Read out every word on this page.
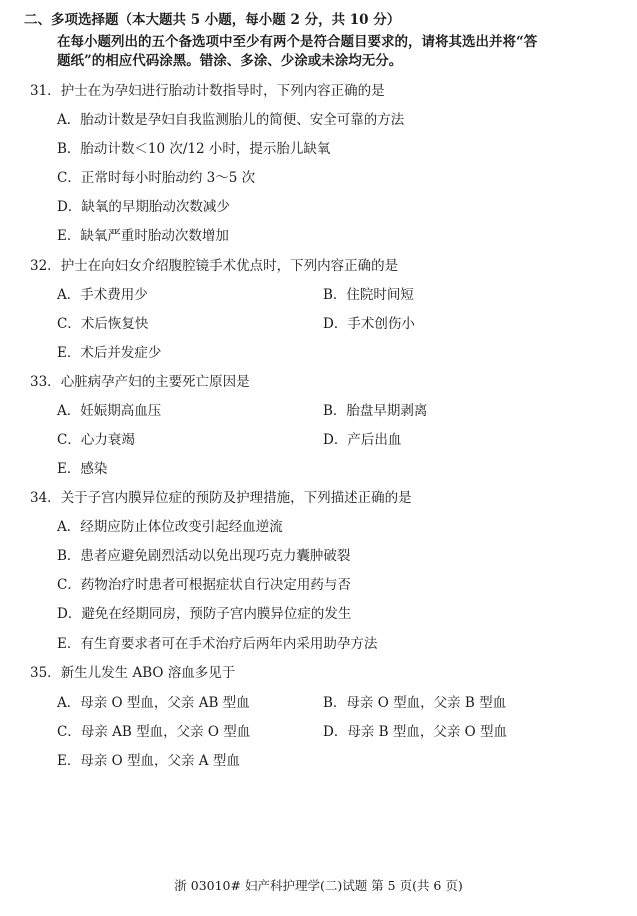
二、多项选择题（本大题共 5 小题，每小题 2 分，共 10 分）
在每小题列出的五个备选项中至少有两个是符合题目要求的，请将其选出并将“答
题纸”的相应代码涂黑。错涂、多涂、少涂或未涂均无分。
31．护士在为孕妇进行胎动计数指导时，下列内容正确的是
A．胎动计数是孕妇自我监测胎儿的简便、安全可靠的方法
B．胎动计数＜10 次/12 小时，提示胎儿缺氧
C．正常时每小时胎动约 3～5 次
D．缺氧的早期胎动次数减少
E．缺氧严重时胎动次数增加
32．护士在向妇女介绍腹腔镜手术优点时，下列内容正确的是
A．手术费用少	B．住院时间短
C．术后恢复快	D．手术创伤小
E．术后并发症少
33．心脏病孕产妇的主要死亡原因是
A．妊娠期高血压	B．胎盘早期剥离
C．心力衰竭	D．产后出血
E．感染
34．关于子宫内膜异位症的预防及护理措施，下列描述正确的是
A．经期应防止体位改变引起经血逆流
B．患者应避免剧烈活动以免出现巧克力囊肿破裂
C．药物治疗时患者可根据症状自行决定用药与否
D．避免在经期同房，预防子宫内膜异位症的发生
E．有生育要求者可在手术治疗后两年内采用助孕方法
35．新生儿发生 ABO 溶血多见于
A．母亲 O 型血，父亲 AB 型血	B．母亲 O 型血，父亲 B 型血
C．母亲 AB 型血，父亲 O 型血	D．母亲 B 型血，父亲 O 型血
E．母亲 O 型血，父亲 A 型血
浙 03010# 妇产科护理学(二)试题 第 5 页(共 6 页)
